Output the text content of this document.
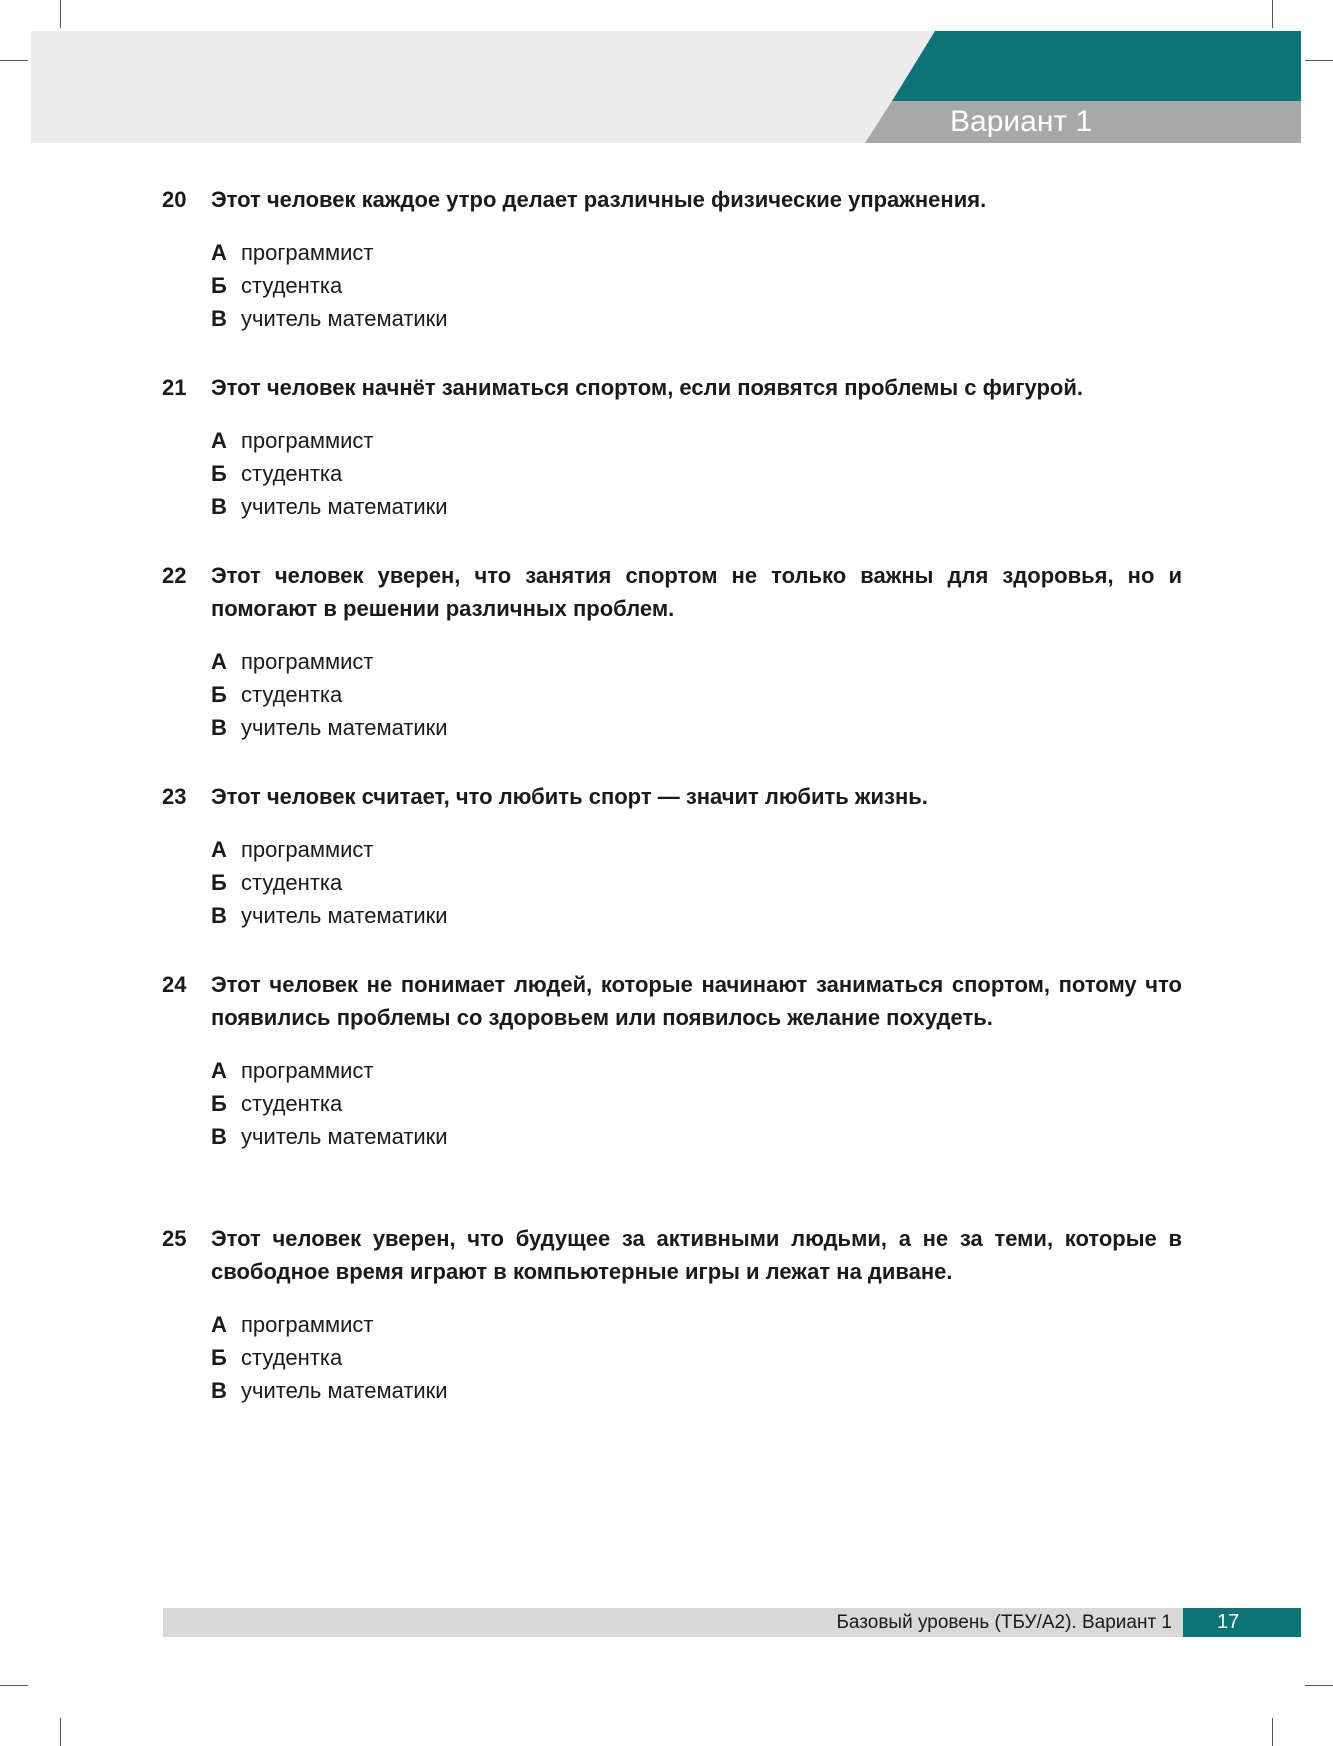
Вариант 1
20 Этот человек каждое утро делает различные физические упражнения.
А программист
Б студентка
В учитель математики
21 Этот человек начнёт заниматься спортом, если появятся проблемы с фигурой.
А программист
Б студентка
В учитель математики
22 Этот человек уверен, что занятия спортом не только важны для здоровья, но и помогают в решении различных проблем.
А программист
Б студентка
В учитель математики
23 Этот человек считает, что любить спорт — значит любить жизнь.
А программист
Б студентка
В учитель математики
24 Этот человек не понимает людей, которые начинают заниматься спортом, потому что появились проблемы со здоровьем или появилось желание похудеть.
А программист
Б студентка
В учитель математики
25 Этот человек уверен, что будущее за активными людьми, а не за теми, которые в свободное время играют в компьютерные игры и лежат на диване.
А программист
Б студентка
В учитель математики
Базовый уровень (ТБУ/А2). Вариант 1	17
